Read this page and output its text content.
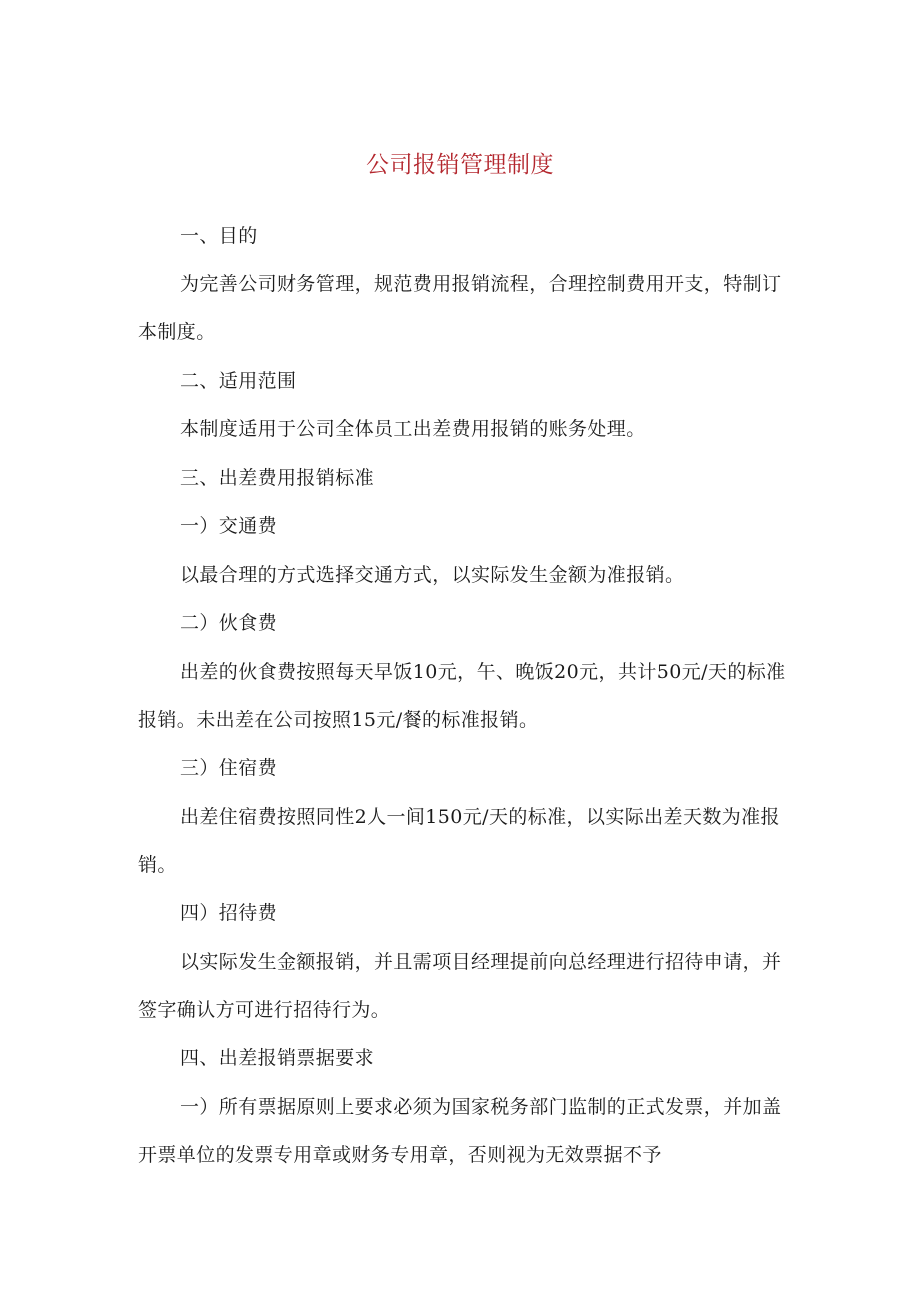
公司报销管理制度

一、目的

为完善公司财务管理，规范费用报销流程，合理控制费用开支，特制订本制度。

二、适用范围

本制度适用于公司全体员工出差费用报销的账务处理。

三、出差费用报销标准

一）交通费

以最合理的方式选择交通方式，以实际发生金额为准报销。

二）伙食费

出差的伙食费按照每天早饭10元，午、晚饭20元，共计50元/天的标准报销。未出差在公司按照15元/餐的标准报销。

三）住宿费

出差住宿费按照同性2人一间150元/天的标准，以实际出差天数为准报销。

四）招待费

以实际发生金额报销，并且需项目经理提前向总经理进行招待申请，并签字确认方可进行招待行为。

四、出差报销票据要求

一）所有票据原则上要求必须为国家税务部门监制的正式发票，并加盖开票单位的发票专用章或财务专用章，否则视为无效票据不予
